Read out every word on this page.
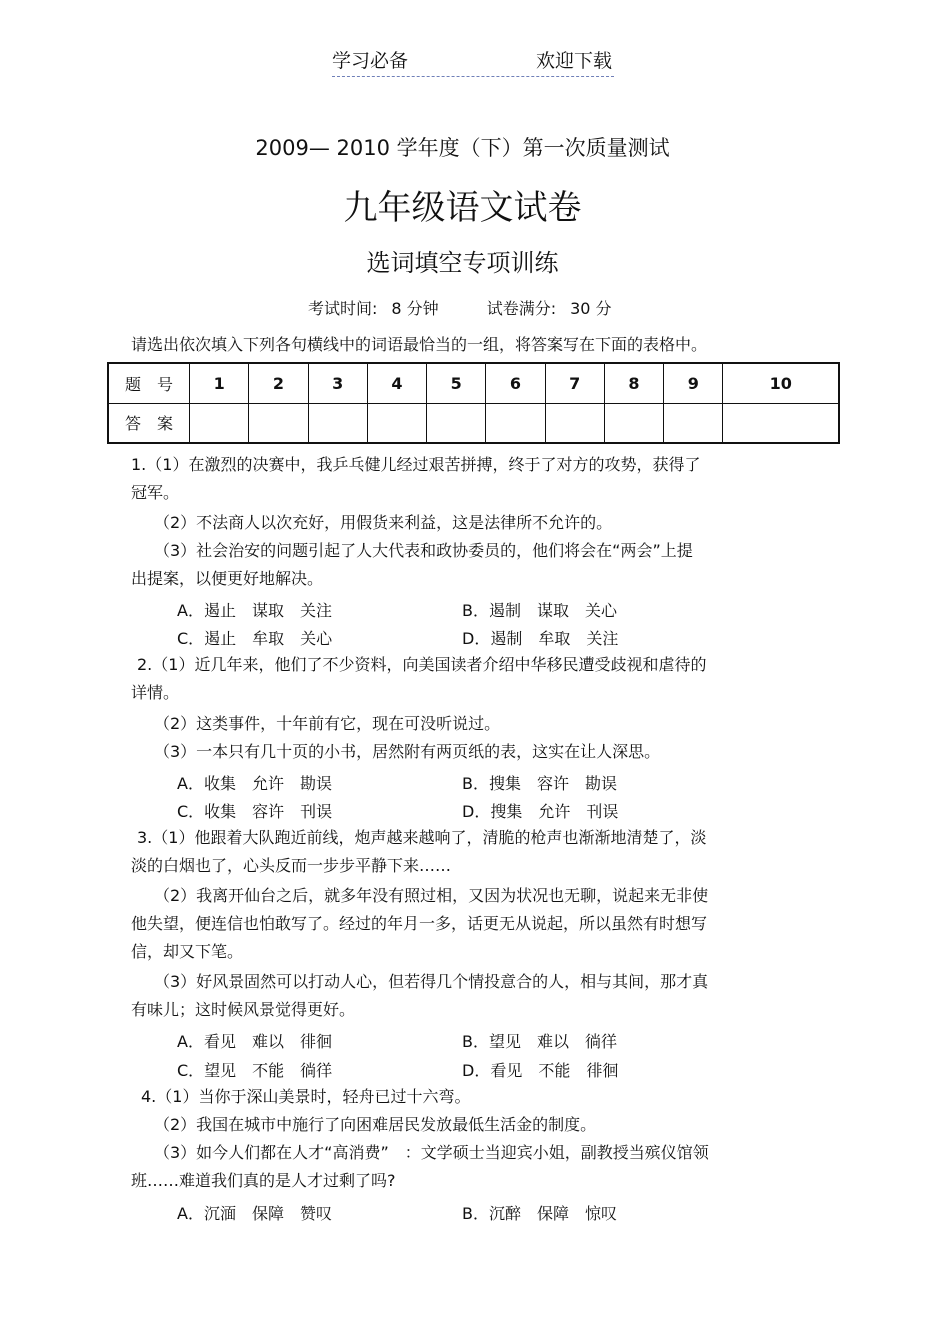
学习必备	欢迎下载
2009— 2010 学年度（下）第一次质量测试
九年级语文试卷
选词填空专项训练
考试时间: 8 分钟	试卷满分: 30 分
请选出依次填入下列各句横线中的词语最恰当的一组，将答案写在下面的表格中。
题　号	1	2	3	4	5	6	7	8	9	10
答　案										
1.（1）在激烈的决赛中，我乒乓健儿经过艰苦拼搏，终于了对方的攻势，获得了
冠军。
（2）不法商人以次充好，用假货来利益，这是法律所不允许的。
（3）社会治安的问题引起了人大代表和政协委员的，他们将会在“两会”上提
出提案，以便更好地解决。
A．遏止　谋取　关注	B．遏制　谋取　关心
C．遏止　牟取　关心	D．遏制　牟取　关注
2.（1）近几年来，他们了不少资料，向美国读者介绍中华移民遭受歧视和虐待的
详情。
（2）这类事件，十年前有它，现在可没听说过。
（3）一本只有几十页的小书，居然附有两页纸的表，这实在让人深思。
A．收集　允许　勘误	B．搜集　容许　勘误
C．收集　容许　刊误	D．搜集　允许　刊误
3.（1）他跟着大队跑近前线，炮声越来越响了，清脆的枪声也渐渐地清楚了，淡
淡的白烟也了，心头反而一步步平静下来……
（2）我离开仙台之后，就多年没有照过相，又因为状况也无聊，说起来无非使
他失望，便连信也怕敢写了。经过的年月一多，话更无从说起，所以虽然有时想写
信，却又下笔。
（3）好风景固然可以打动人心，但若得几个情投意合的人，相与其间，那才真
有味儿；这时候风景觉得更好。
A．看见　难以　徘徊	B．望见　难以　徜徉
C．望见　不能　徜徉	D．看见　不能　徘徊
4.（1）当你于深山美景时，轻舟已过十六弯。
（2）我国在城市中施行了向困难居民发放最低生活金的制度。
（3）如今人们都在人才“高消费”　：文学硕士当迎宾小姐，副教授当殡仪馆领
班……难道我们真的是人才过剩了吗?
A．沉湎　保障　赞叹	B．沉醉　保障　惊叹
